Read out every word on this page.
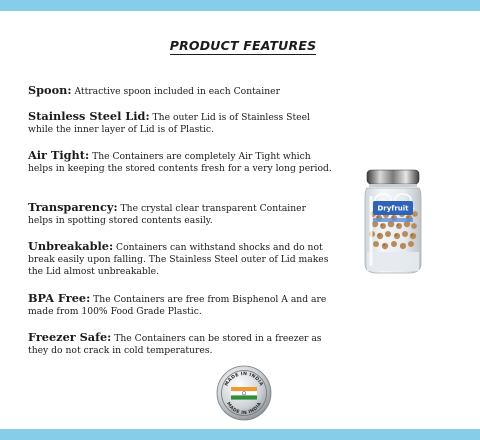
PRODUCT FEATURES
Spoon: Attractive spoon included in each Container
Stainless Steel Lid: The outer Lid is of Stainless Steel while the inner layer of Lid is of Plastic.
Air Tight: The Containers are completely Air Tight which helps in keeping the stored contents fresh for a very long period.
Transparency: The crystal clear transparent Container helps in spotting stored contents easily.
Unbreakable: Containers can withstand shocks and do not break easily upon falling. The Stainless Steel outer of Lid makes the Lid almost unbreakable.
BPA Free: The Containers are free from Bisphenol A and are made from 100% Food Grade Plastic.
Freezer Safe: The Containers can be stored in a freezer as they do not crack in cold temperatures.
Dryfruit
MADE IN INDIA
MADE IN INDIA
